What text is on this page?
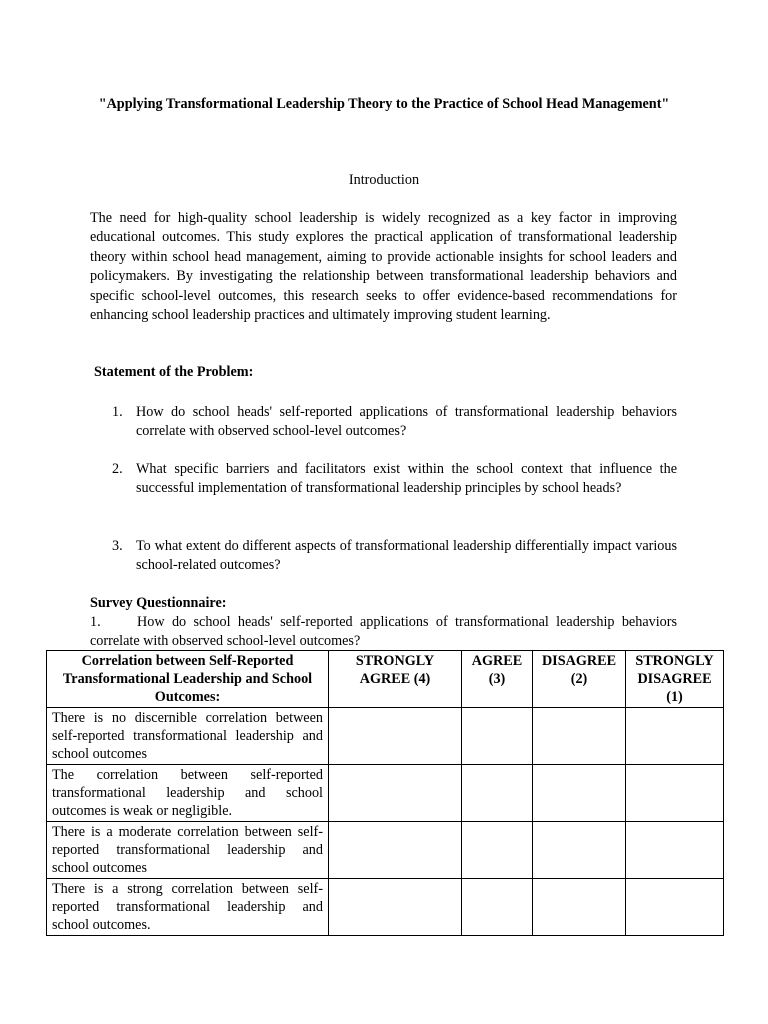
"Applying Transformational Leadership Theory to the Practice of School Head Management"
Introduction

The need for high-quality school leadership is widely recognized as a key factor in improving educational outcomes. This study explores the practical application of transformational leadership theory within school head management, aiming to provide actionable insights for school leaders and policymakers. By investigating the relationship between transformational leadership behaviors and specific school-level outcomes, this research seeks to offer evidence-based recommendations for enhancing school leadership practices and ultimately improving student learning.

Statement of the Problem:
1. How do school heads' self-reported applications of transformational leadership behaviors correlate with observed school-level outcomes?
2. What specific barriers and facilitators exist within the school context that influence the successful implementation of transformational leadership principles by school heads?
3. To what extent do different aspects of transformational leadership differentially impact various school-related outcomes?
Survey Questionnaire:
1.	How do school heads' self-reported applications of transformational leadership behaviors correlate with observed school-level outcomes?
Correlation between Self-Reported Transformational Leadership and School Outcomes:	STRONGLY AGREE (4)	AGREE (3)	DISAGREE (2)	STRONGLY DISAGREE (1)
There is no discernible correlation between self-reported transformational leadership and school outcomes				
The correlation between self-reported transformational leadership and school outcomes is weak or negligible.				
There is a moderate correlation between self-reported transformational leadership and school outcomes				
There is a strong correlation between self-reported transformational leadership and school outcomes.				
